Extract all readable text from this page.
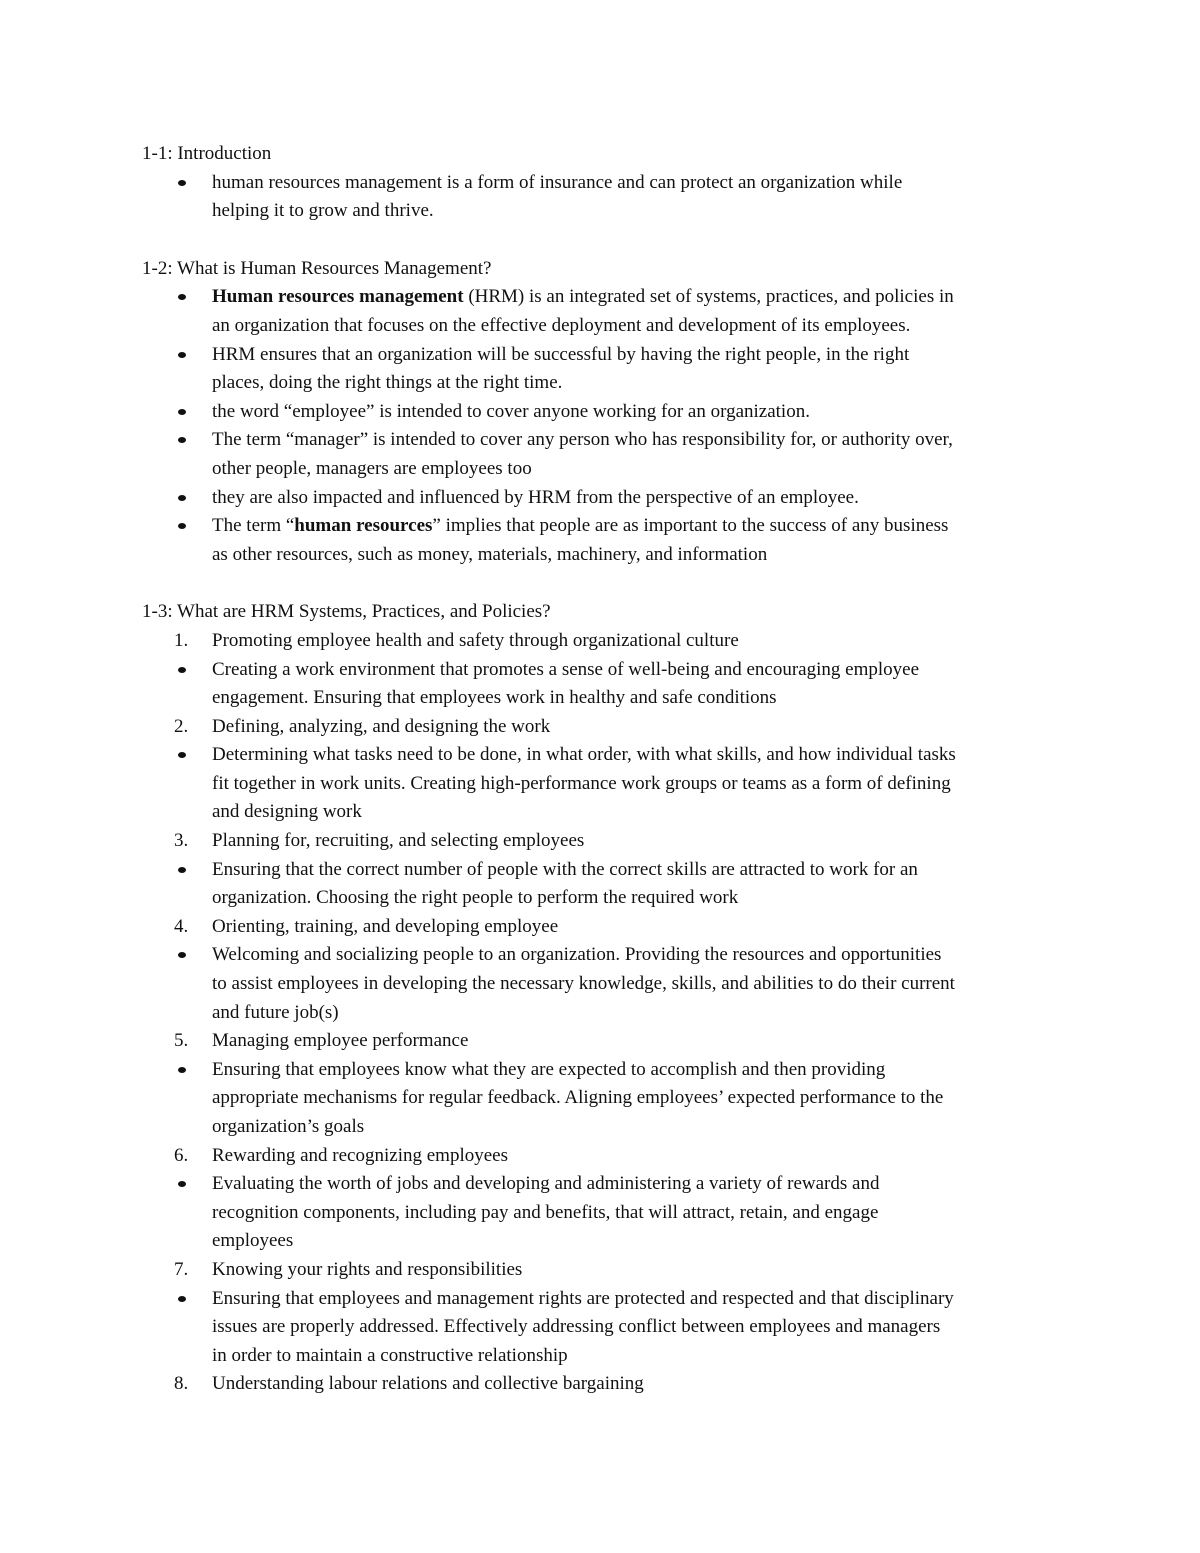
1-1: Introduction
human resources management is a form of insurance and can protect an organization while
helping it to grow and thrive.
1-2: What is Human Resources Management?
Human resources management (HRM) is an integrated set of systems, practices, and policies in
an organization that focuses on the effective deployment and development of its employees.
HRM ensures that an organization will be successful by having the right people, in the right
places, doing the right things at the right time.
the word “employee” is intended to cover anyone working for an organization.
The term “manager” is intended to cover any person who has responsibility for, or authority over,
other people, managers are employees too
they are also impacted and influenced by HRM from the perspective of an employee.
The term “human resources” implies that people are as important to the success of any business
as other resources, such as money, materials, machinery, and information
1-3: What are HRM Systems, Practices, and Policies?
1.	Promoting employee health and safety through organizational culture
Creating a work environment that promotes a sense of well-being and encouraging employee
engagement. Ensuring that employees work in healthy and safe conditions
2.	Defining, analyzing, and designing the work
Determining what tasks need to be done, in what order, with what skills, and how individual tasks
fit together in work units. Creating high-performance work groups or teams as a form of defining
and designing work
3.	Planning for, recruiting, and selecting employees
Ensuring that the correct number of people with the correct skills are attracted to work for an
organization. Choosing the right people to perform the required work
4.	Orienting, training, and developing employee
Welcoming and socializing people to an organization. Providing the resources and opportunities
to assist employees in developing the necessary knowledge, skills, and abilities to do their current
and future job(s)
5.	Managing employee performance
Ensuring that employees know what they are expected to accomplish and then providing
appropriate mechanisms for regular feedback. Aligning employees’ expected performance to the
organization’s goals
6.	Rewarding and recognizing employees
Evaluating the worth of jobs and developing and administering a variety of rewards and
recognition components, including pay and benefits, that will attract, retain, and engage
employees
7.	Knowing your rights and responsibilities
Ensuring that employees and management rights are protected and respected and that disciplinary
issues are properly addressed. Effectively addressing conflict between employees and managers
in order to maintain a constructive relationship
8.	Understanding labour relations and collective bargaining
